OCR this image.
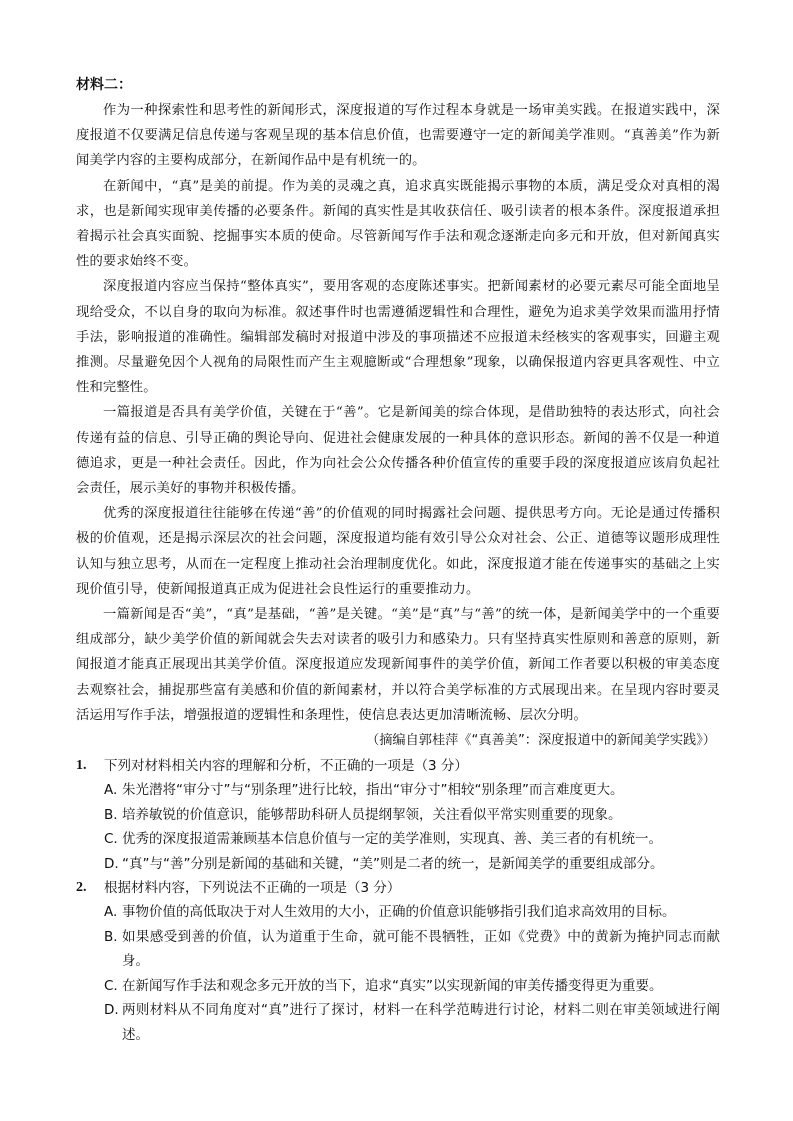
材料二：

作为一种探索性和思考性的新闻形式，深度报道的写作过程本身就是一场审美实践。在报道实践中，深度报道不仅要满足信息传递与客观呈现的基本信息价值，也需要遵守一定的新闻美学准则。“真善美”作为新闻美学内容的主要构成部分，在新闻作品中是有机统一的。

在新闻中，“真”是美的前提。作为美的灵魂之真，追求真实既能揭示事物的本质，满足受众对真相的渴求，也是新闻实现审美传播的必要条件。新闻的真实性是其收获信任、吸引读者的根本条件。深度报道承担着揭示社会真实面貌、挖掘事实本质的使命。尽管新闻写作手法和观念逐渐走向多元和开放，但对新闻真实性的要求始终不变。

深度报道内容应当保持“整体真实”，要用客观的态度陈述事实。把新闻素材的必要元素尽可能全面地呈现给受众，不以自身的取向为标准。叙述事件时也需遵循逻辑性和合理性，避免为追求美学效果而滥用抒情手法，影响报道的准确性。编辑部发稿时对报道中涉及的事项描述不应报道未经核实的客观事实，回避主观推测。尽量避免因个人视角的局限性而产生主观臆断或“合理想象”现象，以确保报道内容更具客观性、中立性和完整性。

一篇报道是否具有美学价值，关键在于“善”。它是新闻美的综合体现，是借助独特的表达形式，向社会传递有益的信息、引导正确的舆论导向、促进社会健康发展的一种具体的意识形态。新闻的善不仅是一种道德追求，更是一种社会责任。因此，作为向社会公众传播各种价值宣传的重要手段的深度报道应该肩负起社会责任，展示美好的事物并积极传播。

优秀的深度报道往往能够在传递“善”的价值观的同时揭露社会问题、提供思考方向。无论是通过传播积极的价值观，还是揭示深层次的社会问题，深度报道均能有效引导公众对社会、公正、道德等议题形成理性认知与独立思考，从而在一定程度上推动社会治理制度优化。如此，深度报道才能在传递事实的基础之上实现价值引导，使新闻报道真正成为促进社会良性运行的重要推动力。

一篇新闻是否“美”，“真”是基础，“善”是关键。“美”是“真”与“善”的统一体，是新闻美学中的一个重要组成部分，缺少美学价值的新闻就会失去对读者的吸引力和感染力。只有坚持真实性原则和善意的原则，新闻报道才能真正展现出其美学价值。深度报道应发现新闻事件的美学价值，新闻工作者要以积极的审美态度去观察社会，捕捉那些富有美感和价值的新闻素材，并以符合美学标准的方式展现出来。在呈现内容时要灵活运用写作手法，增强报道的逻辑性和条理性，使信息表达更加清晰流畅、层次分明。

（摘编自郭桂萍《“真善美”：深度报道中的新闻美学实践》）

1. 下列对材料相关内容的理解和分析，不正确的一项是（3 分）
A. 朱光潜将“审分寸”与“别条理”进行比较，指出“审分寸”相较“别条理”而言难度更大。
B. 培养敏锐的价值意识，能够帮助科研人员提纲挈领，关注看似平常实则重要的现象。
C. 优秀的深度报道需兼顾基本信息价值与一定的美学准则，实现真、善、美三者的有机统一。
D. “真”与“善”分别是新闻的基础和关键，“美”则是二者的统一，是新闻美学的重要组成部分。
2. 根据材料内容，下列说法不正确的一项是（3 分）
A. 事物价值的高低取决于对人生效用的大小，正确的价值意识能够指引我们追求高效用的目标。
B. 如果感受到善的价值，认为道重于生命，就可能不畏牺牲，正如《党费》中的黄新为掩护同志而献身。
C. 在新闻写作手法和观念多元开放的当下，追求“真实”以实现新闻的审美传播变得更为重要。
D. 两则材料从不同角度对“真”进行了探讨，材料一在科学范畴进行讨论，材料二则在审美领域进行阐述。
